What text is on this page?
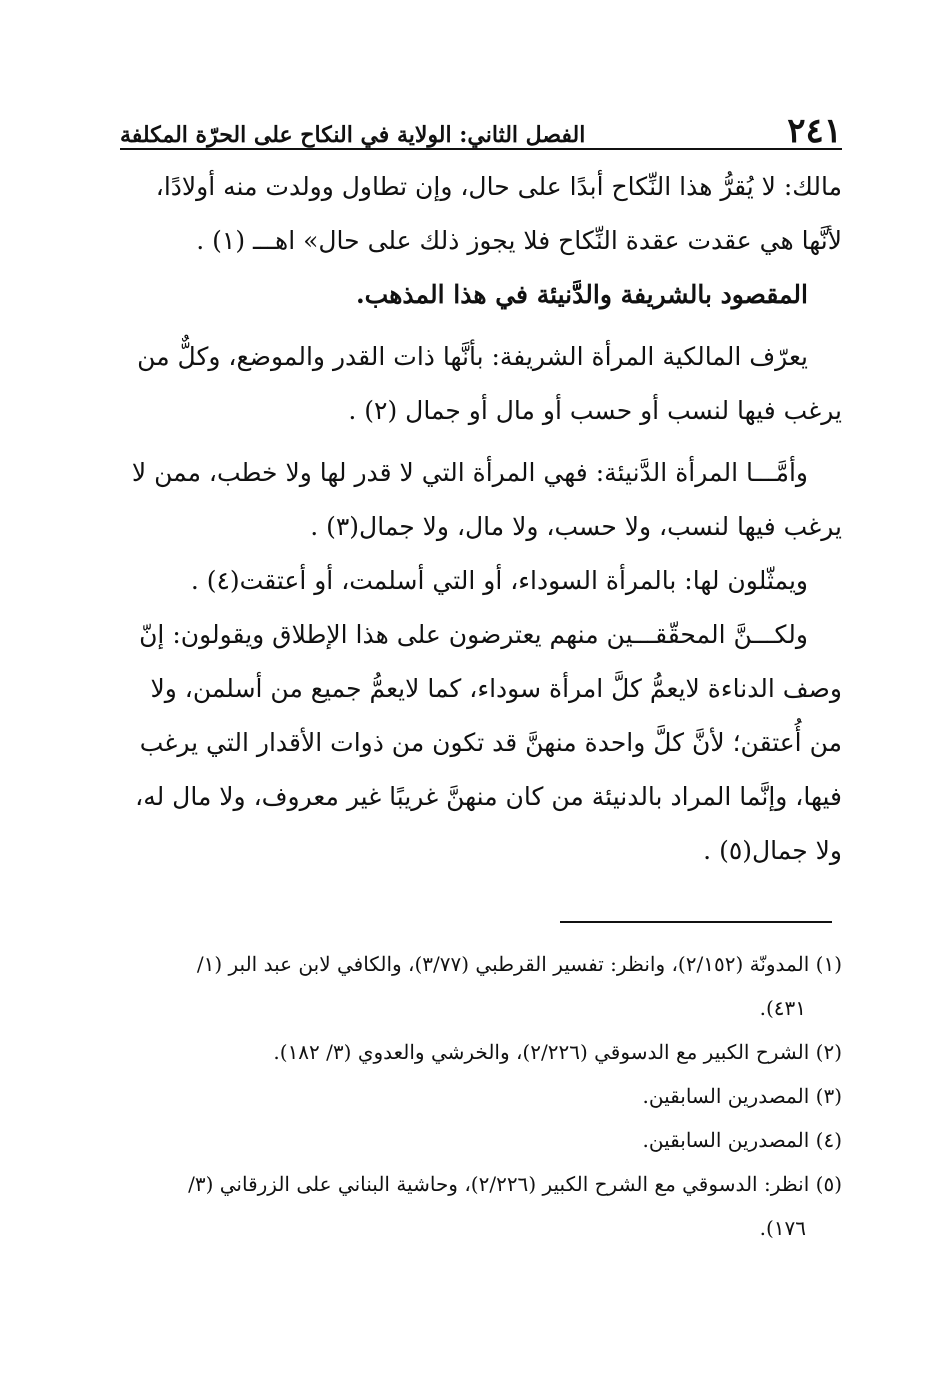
٢٤١
الفصل الثاني: الولاية في النكاح على الحرّة المكلفة

مالك: لا يُقرُّ هذا النِّكاح أبدًا على حال، وإن تطاول وولدت منه أولادًا،
لأنَّها هي عقدت عقدة النِّكاح فلا يجوز ذلك على حال» اهـــ (١) .

المقصود بالشريفة والدَّنيئة في هذا المذهب.

يعرّف المالكية المرأة الشريفة: بأنَّها ذات القدر والموضع، وكلٌّ من
يرغب فيها لنسب أو حسب أو مال أو جمال (٢) .

وأمَّـــا المرأة الدَّنيئة: فهي المرأة التي لا قدر لها ولا خطب، ممن لا
يرغب فيها لنسب، ولا حسب، ولا مال، ولا جمال(٣) .

ويمثّلون لها: بالمرأة السوداء، أو التي أسلمت، أو أعتقت(٤) .

ولكـــنَّ المحقّقـــين منهم يعترضون على هذا الإطلاق ويقولون: إنّ
وصف الدناءة لايعمُّ كلَّ امرأة سوداء، كما لايعمُّ جميع من أسلمن، ولا
من أُعتقن؛ لأنَّ كلَّ واحدة منهنَّ قد تكون من ذوات الأقدار التي يرغب
فيها، وإنَّما المراد بالدنيئة من كان منهنَّ غريبًا غير معروف، ولا مال له،
ولا جمال(٥) .

(١) المدونّة (٢/١٥٢)، وانظر: تفسير القرطبي (٣/٧٧)، والكافي لابن عبد البر (١/
٤٣١).
(٢) الشرح الكبير مع الدسوقي (٢/٢٢٦)، والخرشي والعدوي (٣/ ١٨٢).
(٣) المصدرين السابقين.
(٤) المصدرين السابقين.
(٥) انظر: الدسوقي مع الشرح الكبير (٢/٢٢٦)، وحاشية البناني على الزرقاني (٣/
١٧٦).
